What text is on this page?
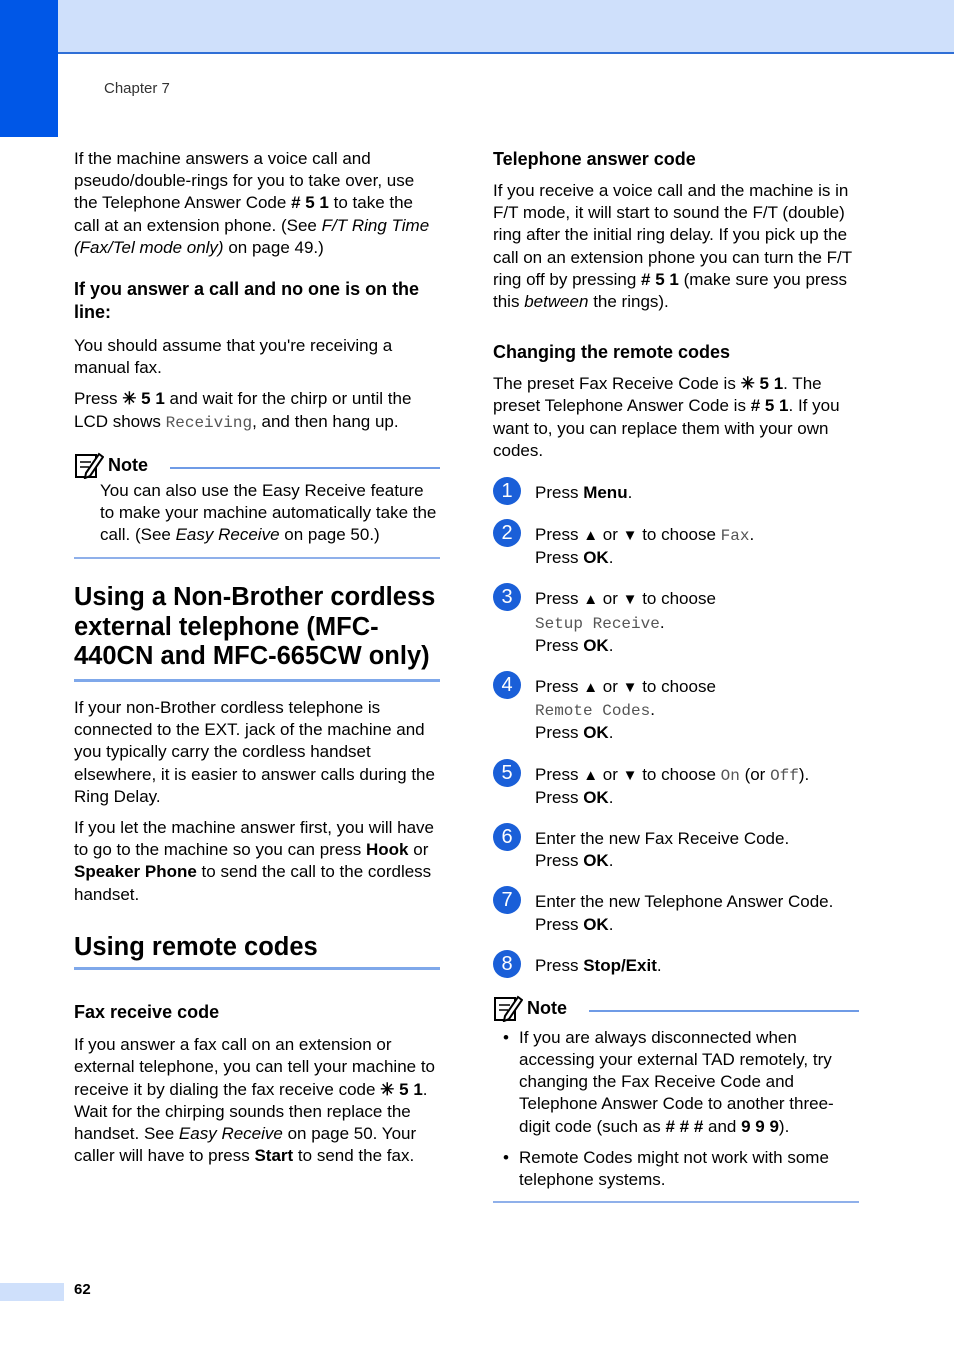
Chapter 7

If the machine answers a voice call and pseudo/double-rings for you to take over, use the Telephone Answer Code # 5 1 to take the call at an extension phone. (See F/T Ring Time (Fax/Tel mode only) on page 49.)

If you answer a call and no one is on the line:

You should assume that you're receiving a manual fax.

Press ✳ 5 1 and wait for the chirp or until the LCD shows Receiving, and then hang up.

Note

You can also use the Easy Receive feature to make your machine automatically take the call. (See Easy Receive on page 50.)

Using a Non-Brother cordless external telephone (MFC-440CN and MFC-665CW only)

If your non-Brother cordless telephone is connected to the EXT. jack of the machine and you typically carry the cordless handset elsewhere, it is easier to answer calls during the Ring Delay.

If you let the machine answer first, you will have to go to the machine so you can press Hook or Speaker Phone to send the call to the cordless handset.

Using remote codes
Fax receive code

If you answer a fax call on an extension or external telephone, you can tell your machine to receive it by dialing the fax receive code ✳ 5 1. Wait for the chirping sounds then replace the handset. See Easy Receive on page 50. Your caller will have to press Start to send the fax.

Telephone answer code

If you receive a voice call and the machine is in F/T mode, it will start to sound the F/T (double) ring after the initial ring delay. If you pick up the call on an extension phone you can turn the F/T ring off by pressing # 5 1 (make sure you press this between the rings).

Changing the remote codes

The preset Fax Receive Code is ✳ 5 1. The preset Telephone Answer Code is # 5 1. If you want to, you can replace them with your own codes.

1	Press Menu.
2	Press ▲ or ▼ to choose Fax.
Press OK.
3	Press ▲ or ▼ to choose
Setup Receive.
Press OK.
4	Press ▲ or ▼ to choose
Remote Codes.
Press OK.
5	Press ▲ or ▼ to choose On (or Off).
Press OK.
6	Enter the new Fax Receive Code.
Press OK.
7	Enter the new Telephone Answer Code.
Press OK.
8	Press Stop/Exit.
Note
• If you are always disconnected when accessing your external TAD remotely, try changing the Fax Receive Code and Telephone Answer Code to another three-digit code (such as # # # and 9 9 9).
• Remote Codes might not work with some telephone systems.
62
